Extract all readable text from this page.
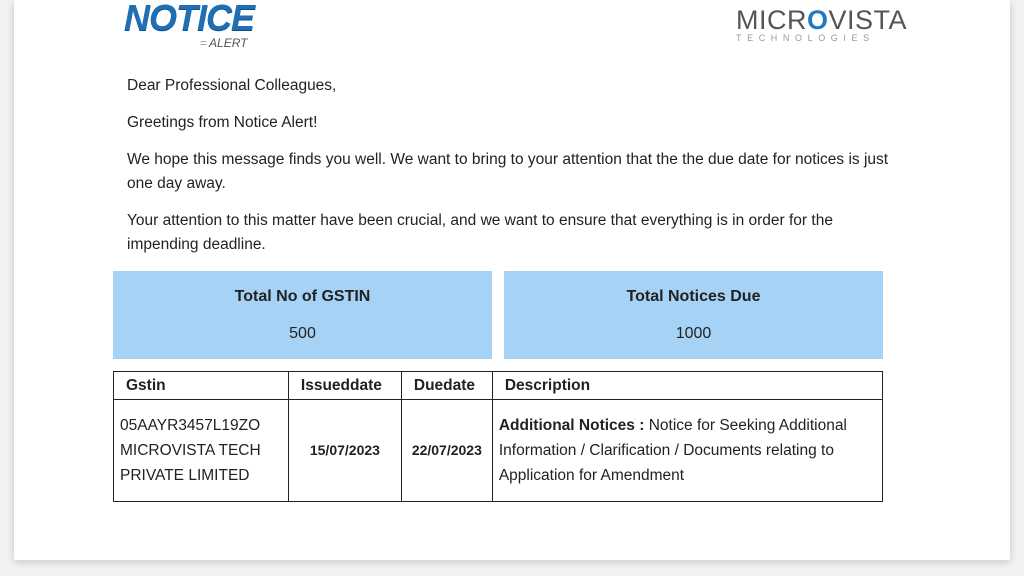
NOTICE
= ALERT
MICROVISTA
TECHNOLOGIES

Dear Professional Colleagues,

Greetings from Notice Alert!

We hope this message finds you well. We want to bring to your attention that the the due date for notices is just one day away.

Your attention to this matter have been crucial, and we want to ensure that everything is in order for the impending deadline.

Total No of GSTIN
500
Total Notices Due
1000
Gstin	Issueddate	Duedate	Description

05AAYR3457L19ZO
MICROVISTA TECH PRIVATE LIMITED	15/07/2023	22/07/2023	Additional Notices : Notice for Seeking Additional Information / Clarification / Documents relating to Application for Amendment
